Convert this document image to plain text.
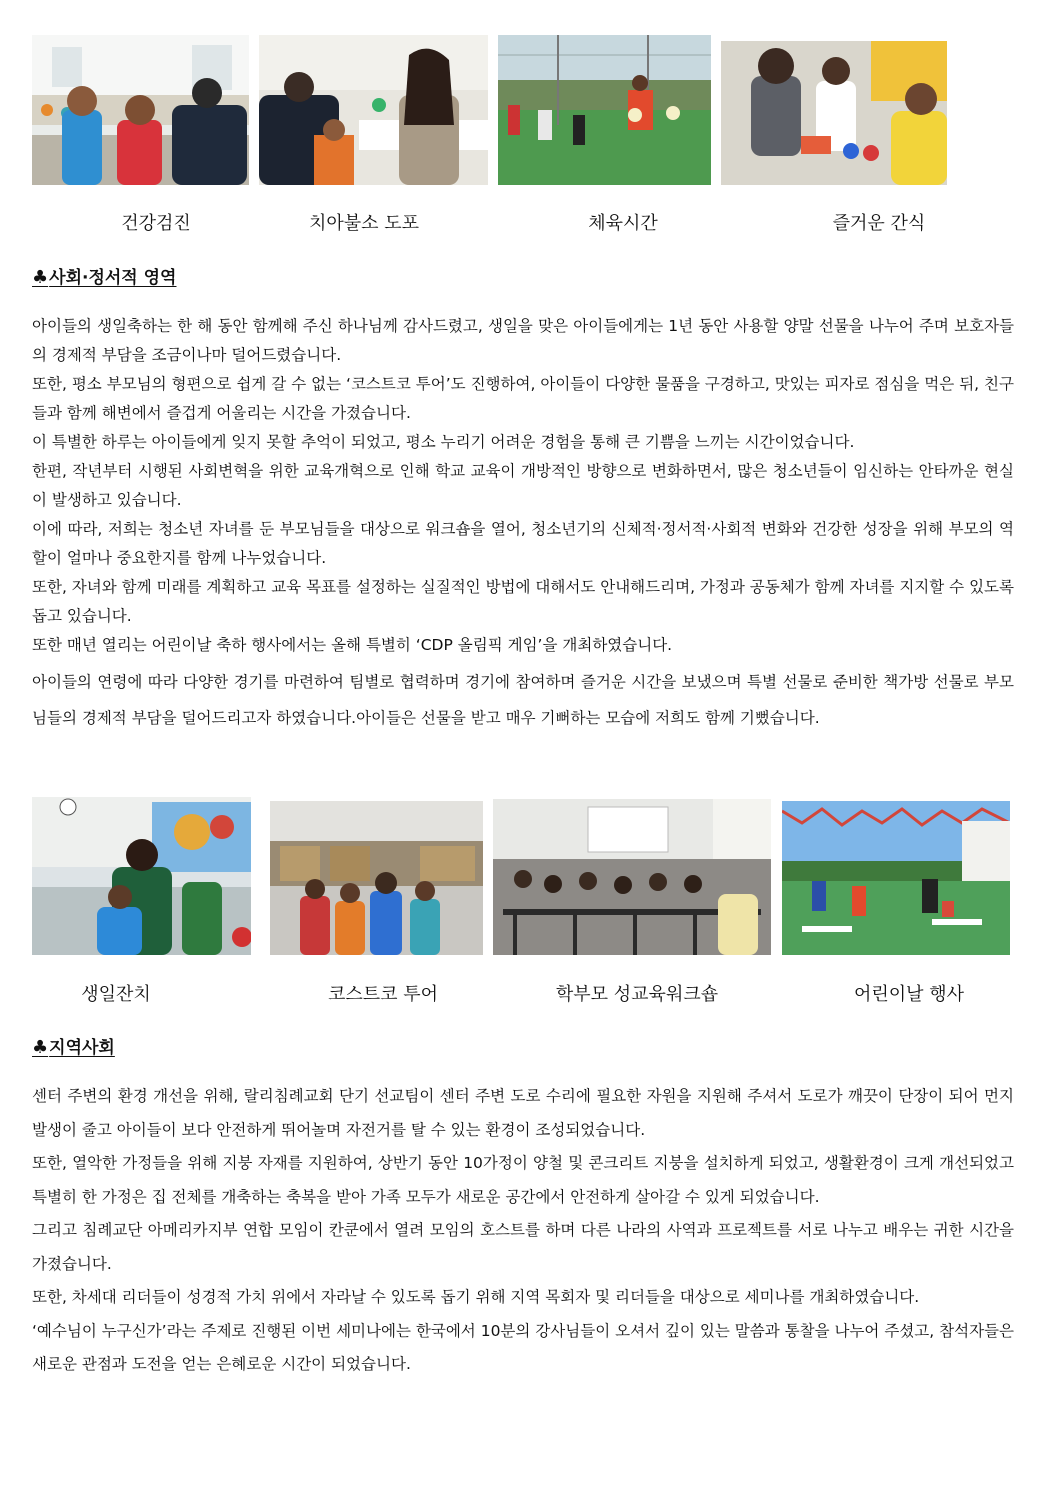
건강검진	치아불소 도포	체육시간	즐거운 간식
♣사회·정서적 영역

아이들의 생일축하는 한 해 동안 함께해 주신 하나님께 감사드렸고, 생일을 맞은 아이들에게는 1년 동안 사용할 양말 선물을 나누어 주며 보호자들의 경제적 부담을 조금이나마 덜어드렸습니다.

또한, 평소 부모님의 형편으로 쉽게 갈 수 없는 ‘코스트코 투어’도 진행하여, 아이들이 다양한 물품을 구경하고, 맛있는 피자로 점심을 먹은 뒤, 친구들과 함께 해변에서 즐겁게 어울리는 시간을 가졌습니다.

이 특별한 하루는 아이들에게 잊지 못할 추억이 되었고, 평소 누리기 어려운 경험을 통해 큰 기쁨을 느끼는 시간이었습니다.

한편, 작년부터 시행된 사회변혁을 위한 교육개혁으로 인해 학교 교육이 개방적인 방향으로 변화하면서, 많은 청소년들이 임신하는 안타까운 현실이 발생하고 있습니다.

이에 따라, 저희는 청소년 자녀를 둔 부모님들을 대상으로 워크숍을 열어, 청소년기의 신체적·정서적·사회적 변화와 건강한 성장을 위해 부모의 역할이 얼마나 중요한지를 함께 나누었습니다.

또한, 자녀와 함께 미래를 계획하고 교육 목표를 설정하는 실질적인 방법에 대해서도 안내해드리며, 가정과 공동체가 함께 자녀를 지지할 수 있도록 돕고 있습니다.

또한 매년 열리는 어린이날 축하 행사에서는 올해 특별히 ‘CDP 올림픽 게임’을 개최하였습니다.

아이들의 연령에 따라 다양한 경기를 마련하여 팀별로 협력하며 경기에 참여하며 즐거운 시간을 보냈으며 특별 선물로 준비한 책가방 선물로 부모님들의 경제적 부담을 덜어드리고자 하였습니다.아이들은 선물을 받고 매우 기뻐하는 모습에 저희도 함께 기뻤습니다.

생일잔치	코스트코 투어	학부모 성교육워크숍	어린이날 행사
♣지역사회

센터 주변의 환경 개선을 위해, 랄리침례교회 단기 선교팀이 센터 주변 도로 수리에 필요한 자원을 지원해 주셔서 도로가 깨끗이 단장이 되어 먼지 발생이 줄고 아이들이 보다 안전하게 뛰어놀며 자전거를 탈 수 있는 환경이 조성되었습니다.

또한, 열악한 가정들을 위해 지붕 자재를 지원하여, 상반기 동안 10가정이 양철 및 콘크리트 지붕을 설치하게 되었고, 생활환경이 크게 개선되었고 특별히 한 가정은 집 전체를 개축하는 축복을 받아 가족 모두가 새로운 공간에서 안전하게 살아갈 수 있게 되었습니다.

그리고 침례교단 아메리카지부 연합 모임이 칸쿤에서 열려 모임의 호스트를 하며 다른 나라의 사역과 프로젝트를 서로 나누고 배우는 귀한 시간을 가졌습니다.

또한, 차세대 리더들이 성경적 가치 위에서 자라날 수 있도록 돕기 위해 지역 목회자 및 리더들을 대상으로 세미나를 개최하였습니다.

‘예수님이 누구신가’라는 주제로 진행된 이번 세미나에는 한국에서 10분의 강사님들이 오셔서 깊이 있는 말씀과 통찰을 나누어 주셨고, 참석자들은 새로운 관점과 도전을 얻는 은혜로운 시간이 되었습니다.
